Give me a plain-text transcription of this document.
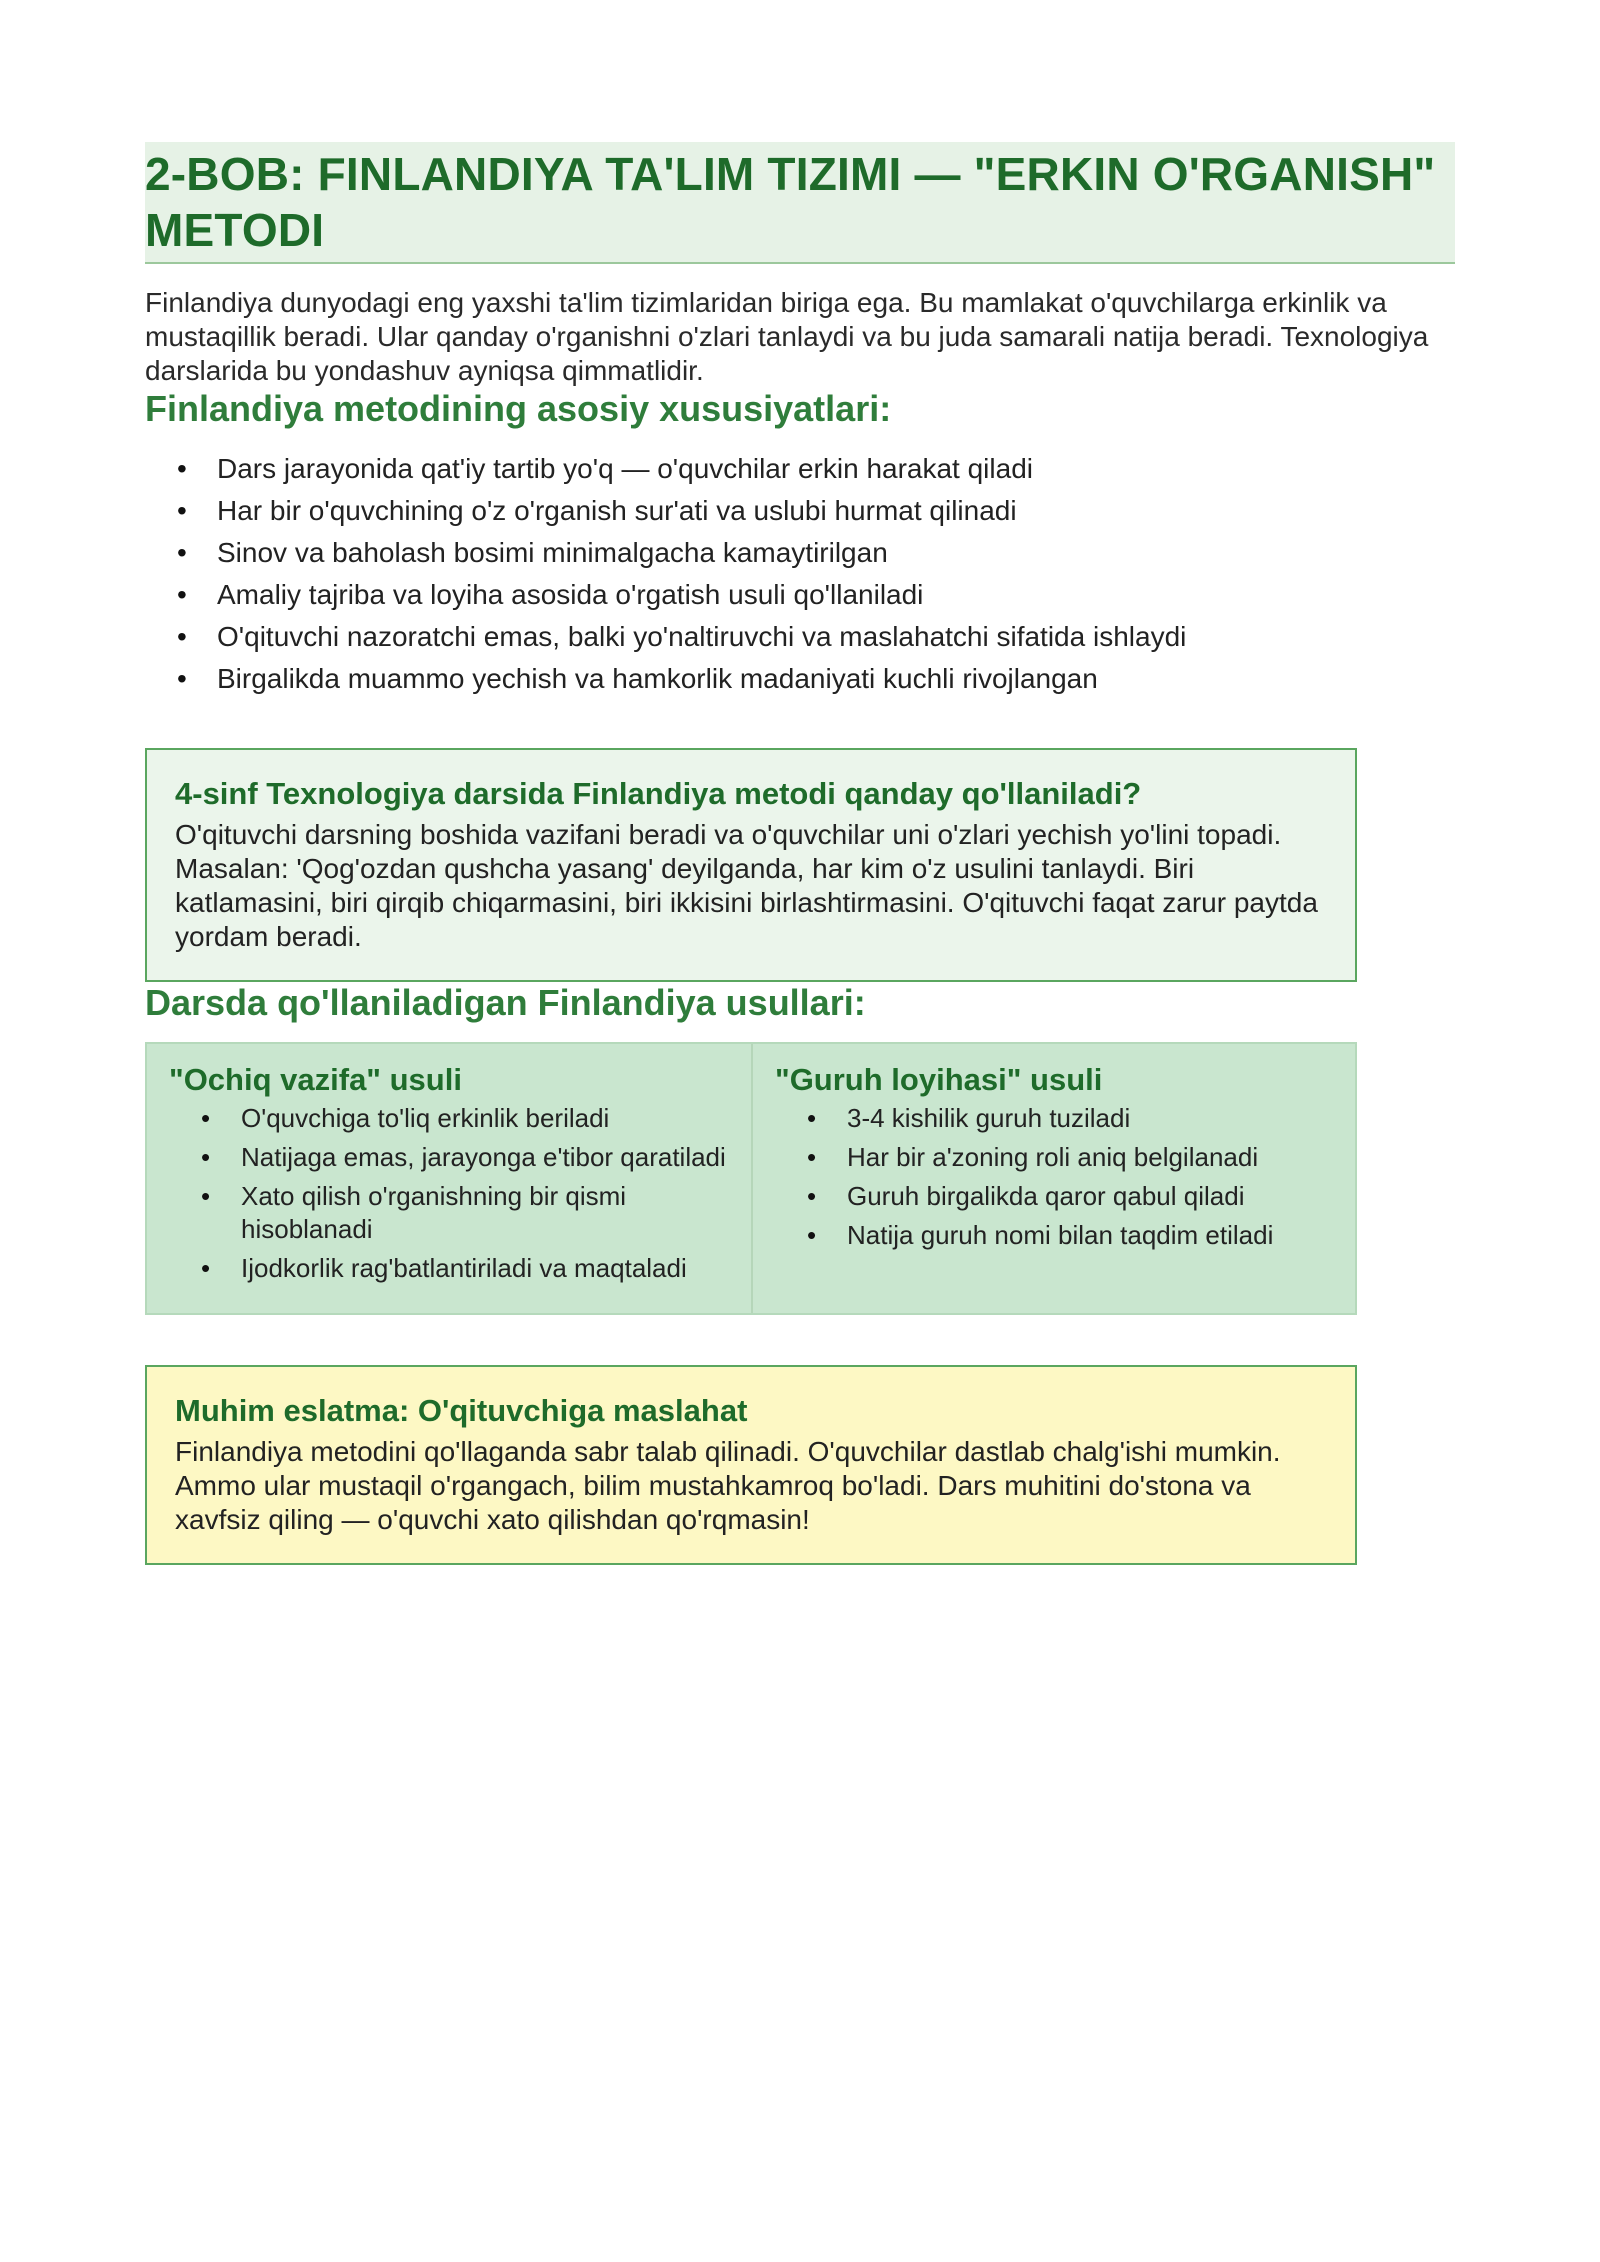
2-BOB: FINLANDIYA TA'LIM TIZIMI — "ERKIN O'RGANISH" METODI

Finlandiya dunyodagi eng yaxshi ta'lim tizimlaridan biriga ega. Bu mamlakat o'quvchilarga erkinlik va mustaqillik beradi. Ular qanday o'rganishni o'zlari tanlaydi va bu juda samarali natija beradi. Texnologiya darslarida bu yondashuv ayniqsa qimmatlidir.

Finlandiya metodining asosiy xususiyatlari:
• Dars jarayonida qat'iy tartib yo'q — o'quvchilar erkin harakat qiladi
• Har bir o'quvchining o'z o'rganish sur'ati va uslubi hurmat qilinadi
• Sinov va baholash bosimi minimalgacha kamaytirilgan
• Amaliy tajriba va loyiha asosida o'rgatish usuli qo'llaniladi
• O'qituvchi nazoratchi emas, balki yo'naltiruvchi va maslahatchi sifatida ishlaydi
• Birgalikda muammo yechish va hamkorlik madaniyati kuchli rivojlangan
4-sinf Texnologiya darsida Finlandiya metodi qanday qo'llaniladi?

O'qituvchi darsning boshida vazifani beradi va o'quvchilar uni o'zlari yechish yo'lini topadi. Masalan: 'Qog'ozdan qushcha yasang' deyilganda, har kim o'z usulini tanlaydi. Biri katlamasini, biri qirqib chiqarmasini, biri ikkisini birlashtirmasini. O'qituvchi faqat zarur paytda yordam beradi.

Darsda qo'llaniladigan Finlandiya usullari:
"Ochiq vazifa" usuli
• O'quvchiga to'liq erkinlik beriladi
• Natijaga emas, jarayonga e'tibor qaratiladi
• Xato qilish o'rganishning bir qismi hisoblanadi
• Ijodkorlik rag'batlantiriladi va maqtaladi
"Guruh loyihasi" usuli
• 3-4 kishilik guruh tuziladi
• Har bir a'zoning roli aniq belgilanadi
• Guruh birgalikda qaror qabul qiladi
• Natija guruh nomi bilan taqdim etiladi
Muhim eslatma: O'qituvchiga maslahat

Finlandiya metodini qo'llaganda sabr talab qilinadi. O'quvchilar dastlab chalg'ishi mumkin. Ammo ular mustaqil o'rgangach, bilim mustahkamroq bo'ladi. Dars muhitini do'stona va xavfsiz qiling — o'quvchi xato qilishdan qo'rqmasin!
